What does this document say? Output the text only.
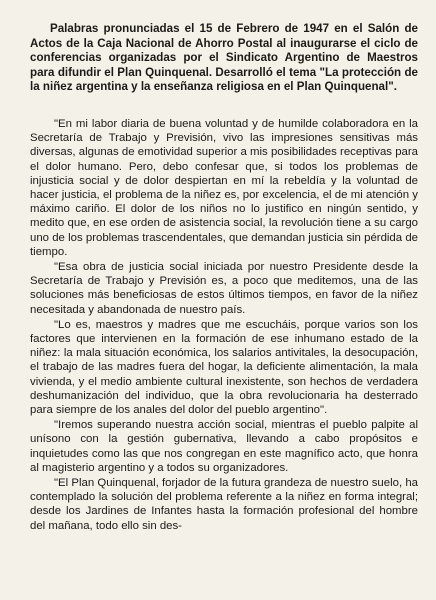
Palabras pronunciadas el 15 de Febrero de 1947 en el Salón de Actos de la Caja Nacional de Ahorro Postal al inaugurarse el ciclo de conferencias organizadas por el Sindicato Argentino de Maestros para difundir el Plan Quinquenal. Desarrolló el tema "La protección de la niñez argentina y la enseñanza religiosa en el Plan Quinquenal".

"En mi labor diaria de buena voluntad y de humilde colaboradora en la Secretaría de Trabajo y Previsión, vivo las impresiones sensitivas más diversas, algunas de emotividad superior a mis posibilidades receptivas para el dolor humano. Pero, debo confesar que, si todos los problemas de injusticia social y de dolor despiertan en mí la rebeldía y la voluntad de hacer justicia, el problema de la niñez es, por excelencia, el de mi atención y máximo cariño. El dolor de los niños no lo justifico en ningún sentido, y medito que, en ese orden de asistencia social, la revolución tiene a su cargo uno de los problemas trascendentales, que demandan justicia sin pérdida de tiempo.

"Esa obra de justicia social iniciada por nuestro Presidente desde la Secretaría de Trabajo y Previsión es, a poco que meditemos, una de las soluciones más beneficiosas de estos últimos tiempos, en favor de la niñez necesitada y abandonada de nuestro país.

"Lo es, maestros y madres que me escucháis, porque varios son los factores que intervienen en la formación de ese inhumano estado de la niñez: la mala situación económica, los salarios antivitales, la desocupación, el trabajo de las madres fuera del hogar, la deficiente alimentación, la mala vivienda, y el medio ambiente cultural inexistente, son hechos de verdadera deshumanización del individuo, que la obra revolucionaria ha desterrado para siempre de los anales del dolor del pueblo argentino".

"Iremos superando nuestra acción social, mientras el pueblo palpite al unísono con la gestión gubernativa, llevando a cabo propósitos e inquietudes como las que nos congregan en este magnífico acto, que honra al magisterio argentino y a todos su organizadores.

"El Plan Quinquenal, forjador de la futura grandeza de nuestro suelo, ha contemplado la solución del problema referente a la niñez en forma integral; desde los Jardines de Infantes hasta la formación profesional del hombre del mañana, todo ello sin des-
